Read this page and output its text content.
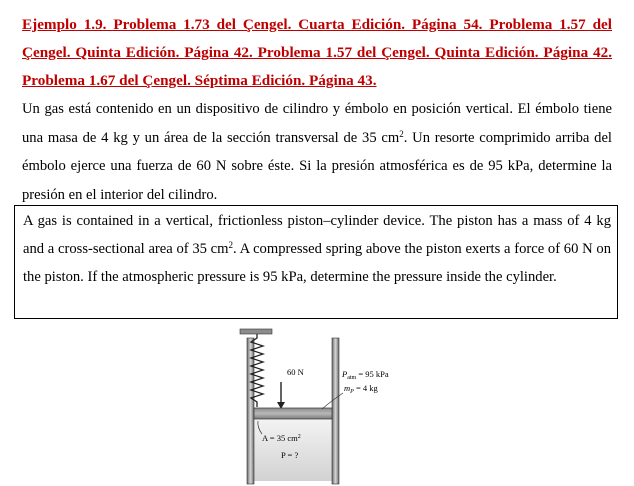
Ejemplo 1.9. Problema 1.73 del Çengel. Cuarta Edición. Página 54. Problema 1.57 del Çengel. Quinta Edición. Página 42. Problema 1.57 del Çengel. Quinta Edición. Página 42. Problema 1.67 del Çengel. Séptima Edición. Página 43.
Un gas está contenido en un dispositivo de cilindro y émbolo en posición vertical. El émbolo tiene una masa de 4 kg y un área de la sección transversal de 35 $cm^2$. Un resorte comprimido arriba del émbolo ejerce una fuerza de 60 N sobre éste. Si la presión atmosférica es de 95 kPa, determine la presión en el interior del cilindro.
A gas is contained in a vertical, frictionless piston–cylinder device. The piston has a mass of 4 kg and a cross-sectional area of 35 $cm^2$. A compressed spring above the piston exerts a force of 60 N on the piston. If the atmospheric pressure is 95 kPa, determine the pressure inside the cylinder.
60 N	$P_{atm} = 95$ kPa
$m_P = 4$ kg
A = 35 $cm^2$
P = ?
